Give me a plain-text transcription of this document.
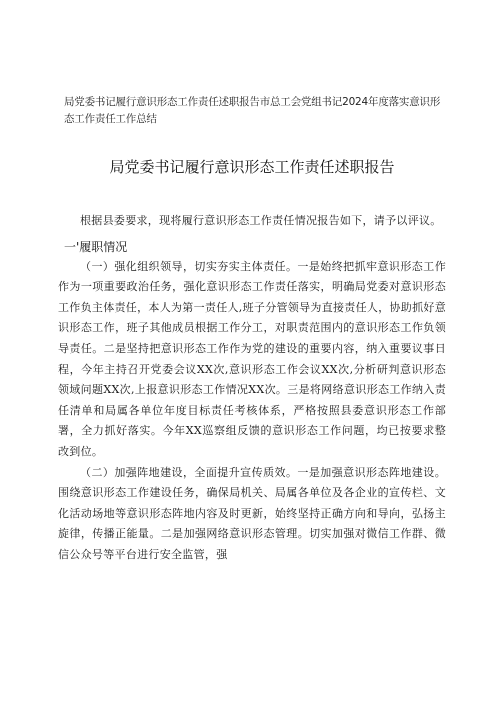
局党委书记履行意识形态工作责任述职报告市总工会党组书记2024年度落实意识形态工作责任工作总结
局党委书记履行意识形态工作责任述职报告

根据县委要求，现将履行意识形态工作责任情况报告如下，请予以评议。

一'履职情况

（一）强化组织领导，切实夯实主体责任。一是始终把抓牢意识形态工作作为一项重要政治任务，强化意识形态工作责任落实，明确局党委对意识形态工作负主体责任，本人为第一责任人,班子分管领导为直接责任人，协助抓好意识形态工作，班子其他成员根据工作分工，对职责范围内的意识形态工作负领导责任。二是坚持把意识形态工作作为党的建设的重要内容，纳入重要议事日程，今年主持召开党委会议XX次,意识形态工作会议XX次,分析研判意识形态领域问题XX次,上报意识形态工作情况XX次。三是将网络意识形态工作纳入责任清单和局属各单位年度目标责任考核体系，严格按照县委意识形态工作部署，全力抓好落实。今年XX巡察组反馈的意识形态工作问题，均已按要求整改到位。

（二）加强阵地建设，全面提升宣传质效。一是加强意识形态阵地建设。围绕意识形态工作建设任务，确保局机关、局属各单位及各企业的宣传栏、文化活动场地等意识形态阵地内容及时更新，始终坚持正确方向和导向，弘扬主旋律，传播正能量。二是加强网络意识形态管理。切实加强对微信工作群、微信公众号等平台进行安全监管，强
